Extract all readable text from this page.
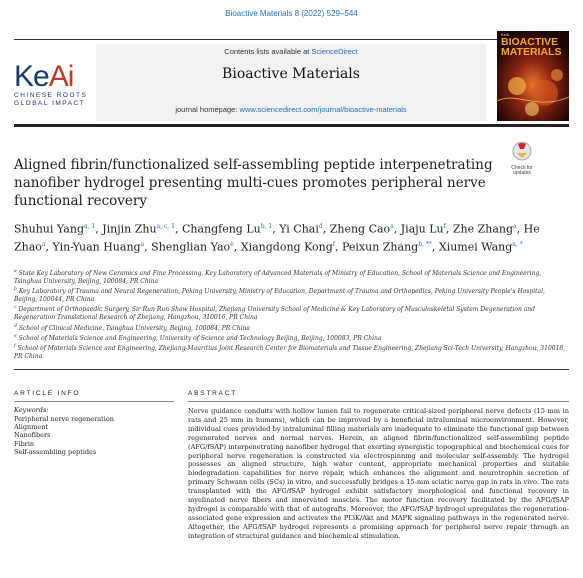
Bioactive Materials 8 (2022) 529–544
KeAi
CHINESE ROOTS
GLOBAL IMPACT
Contents lists available at ScienceDirect
Bioactive Materials
journal homepage: www.sciencedirect.com/journal/bioactive-materials
KeAi
BIOACTIVE
MATERIALS
Check for
updates
Aligned fibrin/functionalized self-assembling peptide interpenetrating nanofiber hydrogel presenting multi-cues promotes peripheral nerve functional recovery
Shuhui Yang$^{a, 1}$, Jinjin Zhu$^{a, c, 1}$, Changfeng Lu$^{b, 1}$, Yi Chai$^d$, Zheng Cao$^a$, Jiaju Lu$^f$, Zhe Zhang$^a$, He Zhao$^a$, Yin-Yuan Huang$^a$, Shenglian Yao$^e$, Xiangdong Kong$^f$, Peixun Zhang$^{b, **}$, Xiumei Wang$^{a, *}$
$^a$ State Key Laboratory of New Ceramics and Fine Processing, Key Laboratory of Advanced Materials of Ministry of Education, School of Materials Science and Engineering, Tsinghua University, Beijing, 100084, PR China
$^b$ Key Laboratory of Trauma and Neural Regeneration, Peking University, Ministry of Education, Department of Trauma and Orthopedics, Peking University People's Hospital, Beijing, 100044, PR China
$^c$ Department of Orthopaedic Surgery, Sir Run Run Shaw Hospital, Zhejiang University School of Medicine & Key Laboratory of Musculoskeletal System Degeneration and Regeneration Translational Research of Zhejiang, Hangzhou, 310016, PR China
$^d$ School of Clinical Medicine, Tsinghua University, Beijing, 100084, PR China
$^e$ School of Materials Science and Engineering, University of Science and Technology Beijing, Beijing, 100083, PR China
$^f$ School of Materials Science and Engineering, Zhejiang-Mauritius Joint Research Center for Biomaterials and Tissue Engineering, Zhejiang Sci-Tech University, Hangzhou, 310018, PR China
ARTICLE INFO	ABSTRACT
Keywords:
Peripheral nerve regeneration
Alignment
Nanofibers
Fibrin
Self-assembling peptides
Nerve guidance conduits with hollow lumen fail to regenerate critical-sized peripheral nerve defects (15 mm in rats and 25 mm in humans), which can be improved by a beneficial intraluminal microenvironment. However, individual cues provided by intraluminal filling materials are inadequate to eliminate the functional gap between regenerated nerves and normal nerves. Herein, an aligned fibrin/functionalized self-assembling peptide (AFG/fSAP) interpenetrating nanofiber hydrogel that exerting synergistic topographical and biochemical cues for peripheral nerve regeneration is constructed via electrospinning and molecular self-assembly. The hydrogel possesses an aligned structure, high water content, appropriate mechanical properties and suitable biodegradation capabilities for nerve repair, which enhances the alignment and neurotrophin secretion of primary Schwann cells (SCs) in vitro, and successfully bridges a 15-mm sciatic nerve gap in rats in vivo. The rats transplanted with the AFG/fSAP hydrogel exhibit satisfactory morphological and functional recovery in myelinated nerve fibers and innervated muscles. The motor function recovery facilitated by the AFG/fSAP hydrogel is comparable with that of autografts. Moreover, the AFG/fSAP hydrogel upregulates the regeneration-associated gene expression and activates the PI3K/Akt and MAPK signaling pathways in the regenerated nerve. Altogether, the AFG/fSAP hydrogel represents a promising approach for peripheral nerve repair through an integration of structural guidance and biochemical stimulation.
